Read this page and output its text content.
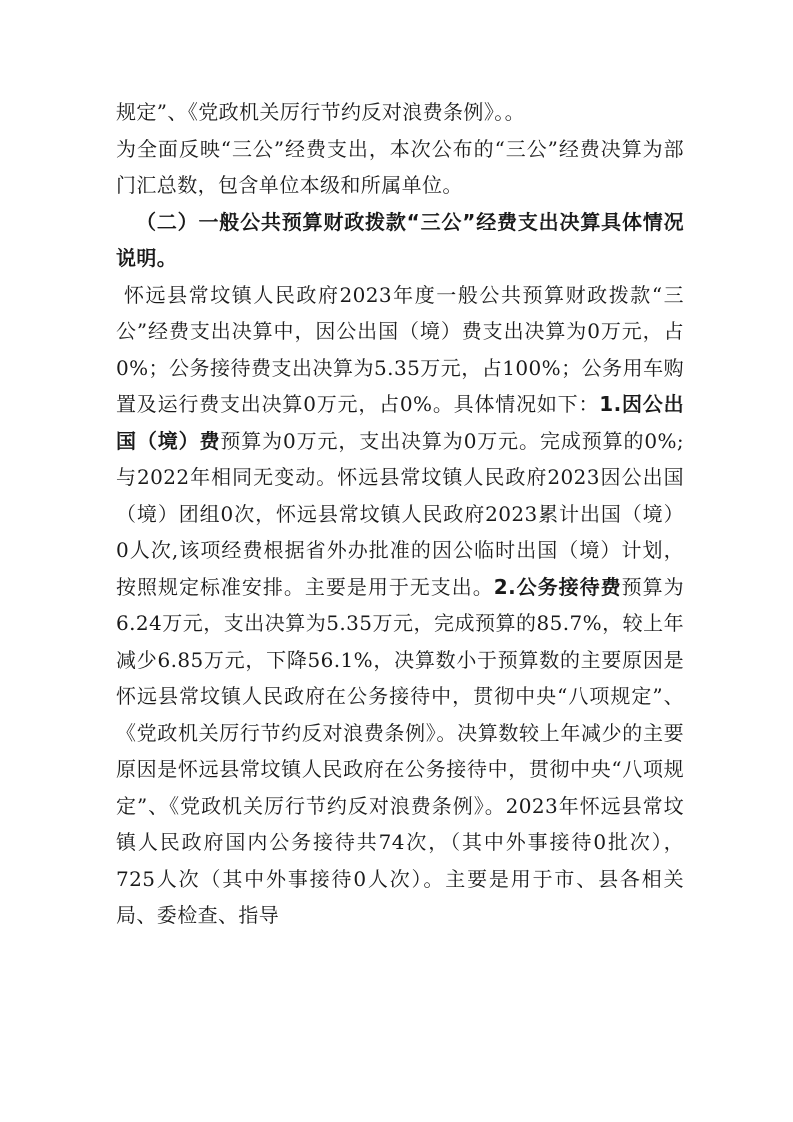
规定”、《党政机关厉行节约反对浪费条例》。。

为全面反映“三公”经费支出，本次公布的“三公”经费决算为部门汇总数，包含单位本级和所属单位。

（二）一般公共预算财政拨款“三公”经费支出决算具体情况说明。

怀远县常坟镇人民政府2023年度一般公共预算财政拨款“三公”经费支出决算中，因公出国（境）费支出决算为0万元，占0%；公务接待费支出决算为5.35万元，占100%；公务用车购置及运行费支出决算0万元，占0%。具体情况如下：1.因公出国（境）费预算为0万元，支出决算为0万元。完成预算的0%;与2022年相同无变动。怀远县常坟镇人民政府2023因公出国（境）团组0次，怀远县常坟镇人民政府2023累计出国（境）0人次,该项经费根据省外办批准的因公临时出国（境）计划，按照规定标准安排。主要是用于无支出。2.公务接待费预算为6.24万元，支出决算为5.35万元，完成预算的85.7%，较上年减少6.85万元，下降56.1%，决算数小于预算数的主要原因是怀远县常坟镇人民政府在公务接待中，贯彻中央“八项规定”、《党政机关厉行节约反对浪费条例》。决算数较上年减少的主要原因是怀远县常坟镇人民政府在公务接待中，贯彻中央“八项规定”、《党政机关厉行节约反对浪费条例》。2023年怀远县常坟镇人民政府国内公务接待共74次，（其中外事接待0批次），725人次（其中外事接待0人次）。主要是用于市、县各相关局、委检查、指导
